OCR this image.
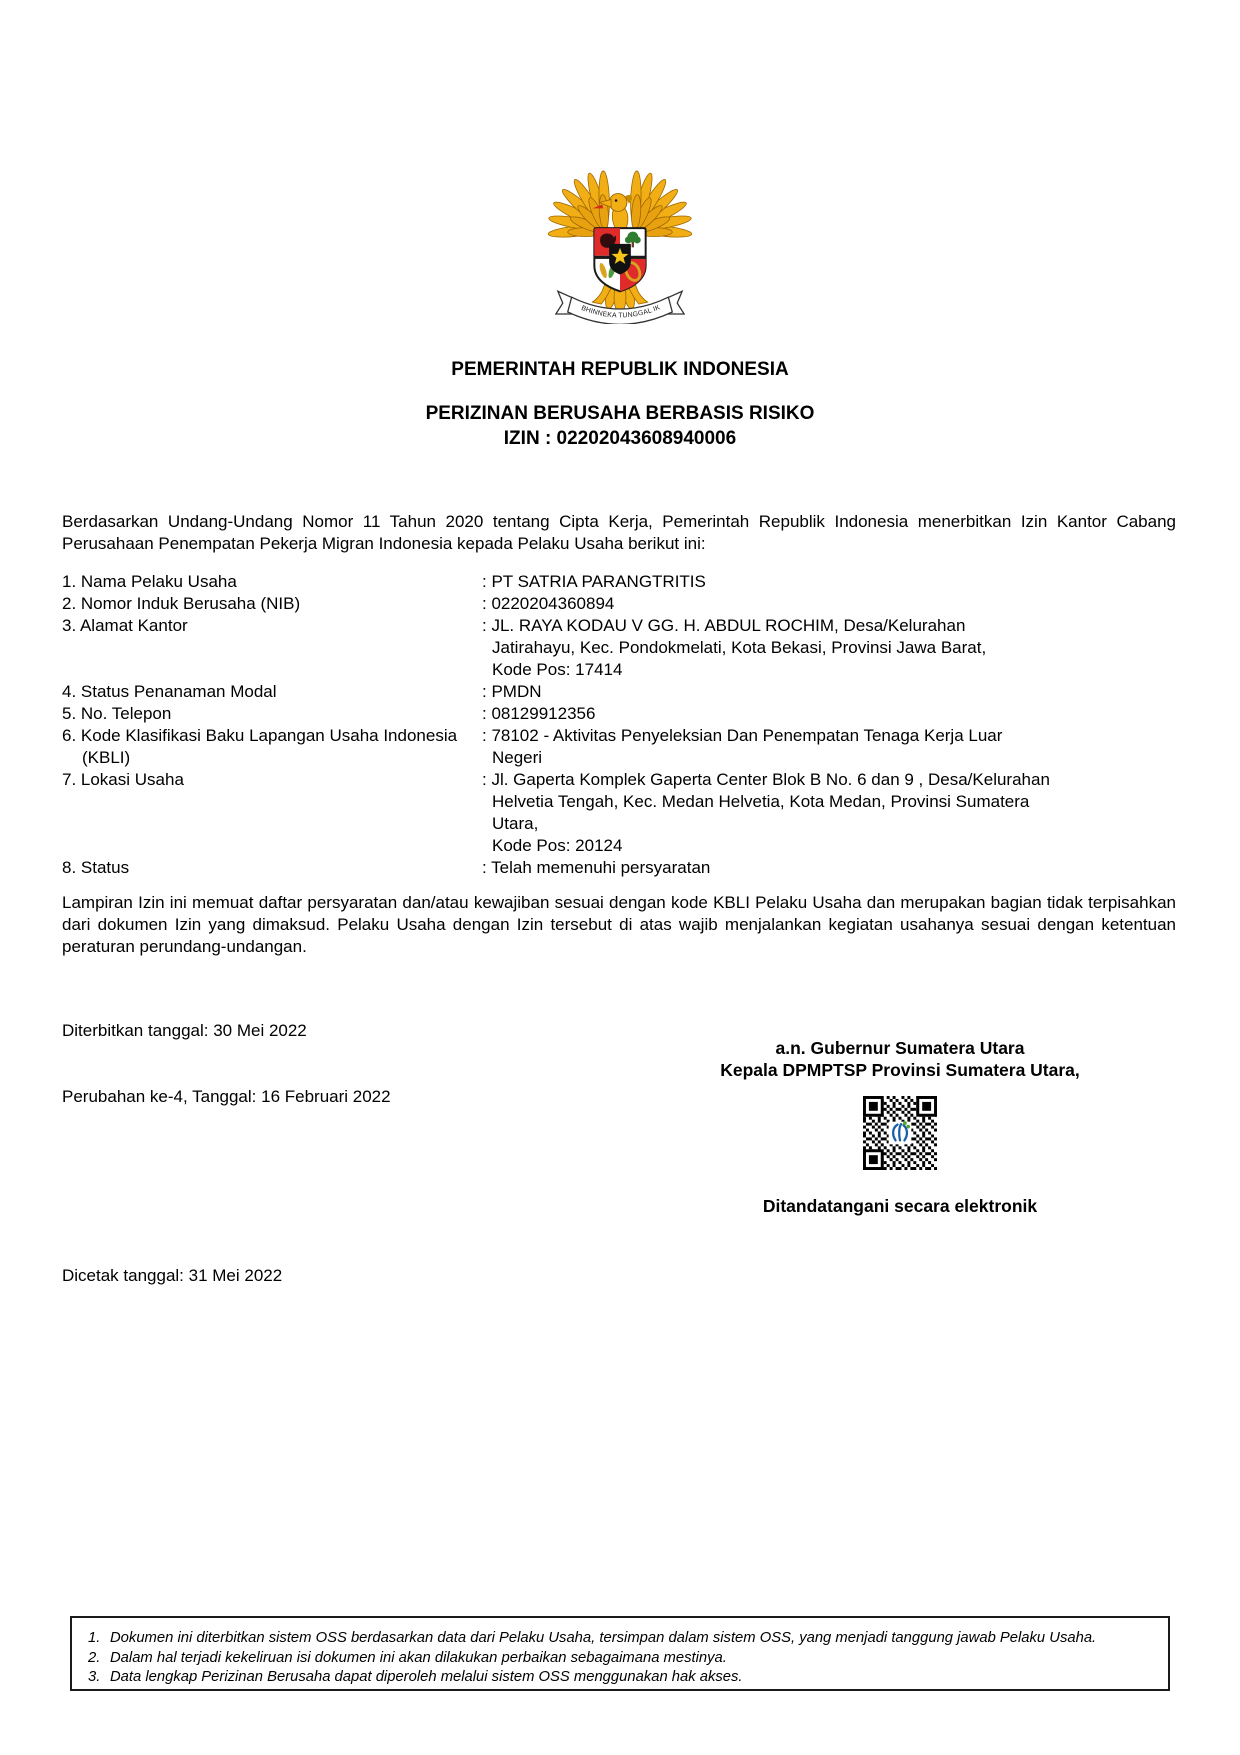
BHINNEKA TUNGGAL IK
PEMERINTAH REPUBLIK INDONESIA
PERIZINAN BERUSAHA BERBASIS RISIKO
IZIN : 02202043608940006
Berdasarkan Undang-Undang Nomor 11 Tahun 2020 tentang Cipta Kerja, Pemerintah Republik Indonesia menerbitkan Izin Kantor Cabang Perusahaan Penempatan Pekerja Migran Indonesia kepada Pelaku Usaha berikut ini:
1. Nama Pelaku Usaha	: PT SATRIA PARANGTRITIS
2. Nomor Induk Berusaha (NIB)	: 0220204360894
3. Alamat Kantor	: JL. RAYA KODAU V GG. H. ABDUL ROCHIM, Desa/Kelurahan
Jatirahayu, Kec. Pondokmelati, Kota Bekasi, Provinsi Jawa Barat,
Kode Pos: 17414
4. Status Penanaman Modal	: PMDN
5. No. Telepon	: 08129912356
6. Kode Klasifikasi Baku Lapangan Usaha Indonesia
(KBLI)
: 78102 - Aktivitas Penyeleksian Dan Penempatan Tenaga Kerja Luar
Negeri
7. Lokasi Usaha	: Jl. Gaperta Komplek Gaperta Center Blok B No. 6 dan 9 , Desa/Kelurahan
Helvetia Tengah, Kec. Medan Helvetia, Kota Medan, Provinsi Sumatera
Utara,
Kode Pos: 20124
8. Status	: Telah memenuhi persyaratan
Lampiran Izin ini memuat daftar persyaratan dan/atau kewajiban sesuai dengan kode KBLI Pelaku Usaha dan merupakan bagian tidak terpisahkan dari dokumen Izin yang dimaksud. Pelaku Usaha dengan Izin tersebut di atas wajib menjalankan kegiatan usahanya sesuai dengan ketentuan peraturan perundang-undangan.

Diterbitkan tanggal: 30 Mei 2022

Perubahan ke-4, Tanggal: 16 Februari 2022

a.n. Gubernur Sumatera Utara
Kepala DPMPTSP Provinsi Sumatera Utara,
Ditandatangani secara elektronik
Dicetak tanggal: 31 Mei 2022
1. Dokumen ini diterbitkan sistem OSS berdasarkan data dari Pelaku Usaha, tersimpan dalam sistem OSS, yang menjadi tanggung jawab Pelaku Usaha.
2. Dalam hal terjadi kekeliruan isi dokumen ini akan dilakukan perbaikan sebagaimana mestinya.
3. Data lengkap Perizinan Berusaha dapat diperoleh melalui sistem OSS menggunakan hak akses.
